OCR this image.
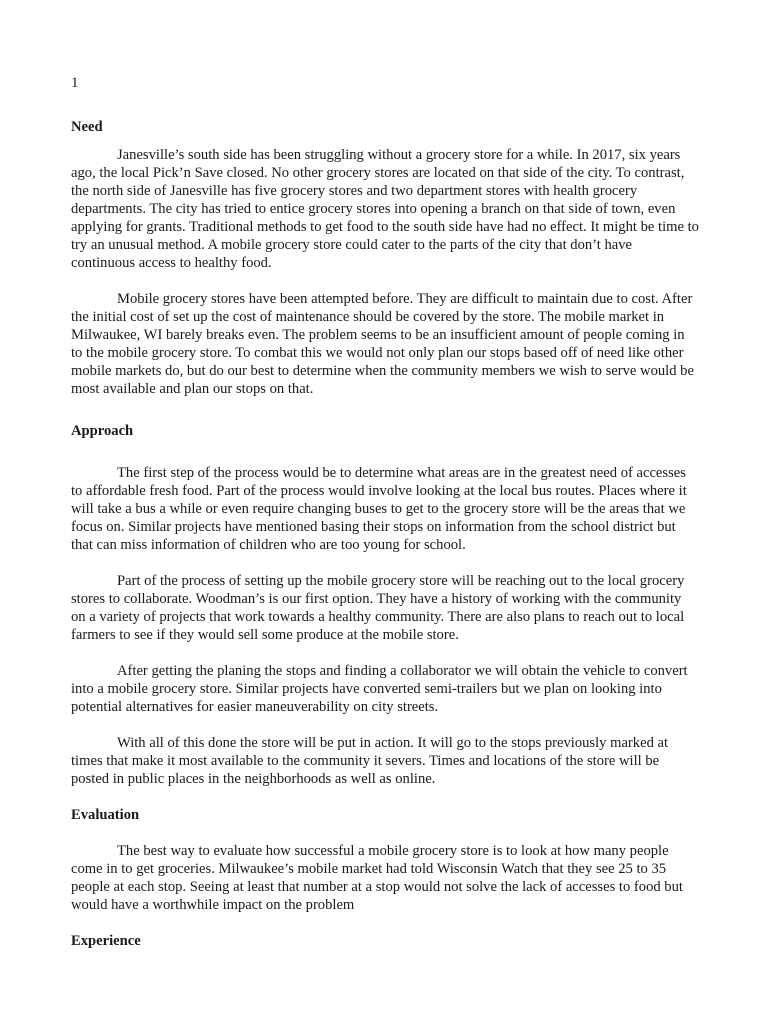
1
Need

Janesville’s south side has been struggling without a grocery store for a while. In 2017, six years ago, the local Pick’n Save closed. No other grocery stores are located on that side of the city. To contrast, the north side of Janesville has five grocery stores and two department stores with health grocery departments. The city has tried to entice grocery stores into opening a branch on that side of town, even applying for grants. Traditional methods to get food to the south side have had no effect. It might be time to try an unusual method. A mobile grocery store could cater to the parts of the city that don’t have continuous access to healthy food.

Mobile grocery stores have been attempted before. They are difficult to maintain due to cost. After the initial cost of set up the cost of maintenance should be covered by the store. The mobile market in Milwaukee, WI barely breaks even. The problem seems to be an insufficient amount of people coming in to the mobile grocery store. To combat this we would not only plan our stops based off of need like other mobile markets do, but do our best to determine when the community members we wish to serve would be most available and plan our stops on that.

Approach

The first step of the process would be to determine what areas are in the greatest need of accesses to affordable fresh food. Part of the process would involve looking at the local bus routes. Places where it will take a bus a while or even require changing buses to get to the grocery store will be the areas that we focus on. Similar projects have mentioned basing their stops on information from the school district but that can miss information of children who are too young for school.

Part of the process of setting up the mobile grocery store will be reaching out to the local grocery stores to collaborate. Woodman’s is our first option. They have a history of working with the community on a variety of projects that work towards a healthy community. There are also plans to reach out to local farmers to see if they would sell some produce at the mobile store.

After getting the planing the stops and finding a collaborator we will obtain the vehicle to convert into a mobile grocery store. Similar projects have converted semi-trailers but we plan on looking into potential alternatives for easier maneuverability on city streets.

With all of this done the store will be put in action. It will go to the stops previously marked at times that make it most available to the community it severs. Times and locations of the store will be posted in public places in the neighborhoods as well as online.

Evaluation

The best way to evaluate how successful a mobile grocery store is to look at how many people come in to get groceries. Milwaukee’s mobile market had told Wisconsin Watch that they see 25 to 35 people at each stop. Seeing at least that number at a stop would not solve the lack of accesses to food but would have a worthwhile impact on the problem

Experience
